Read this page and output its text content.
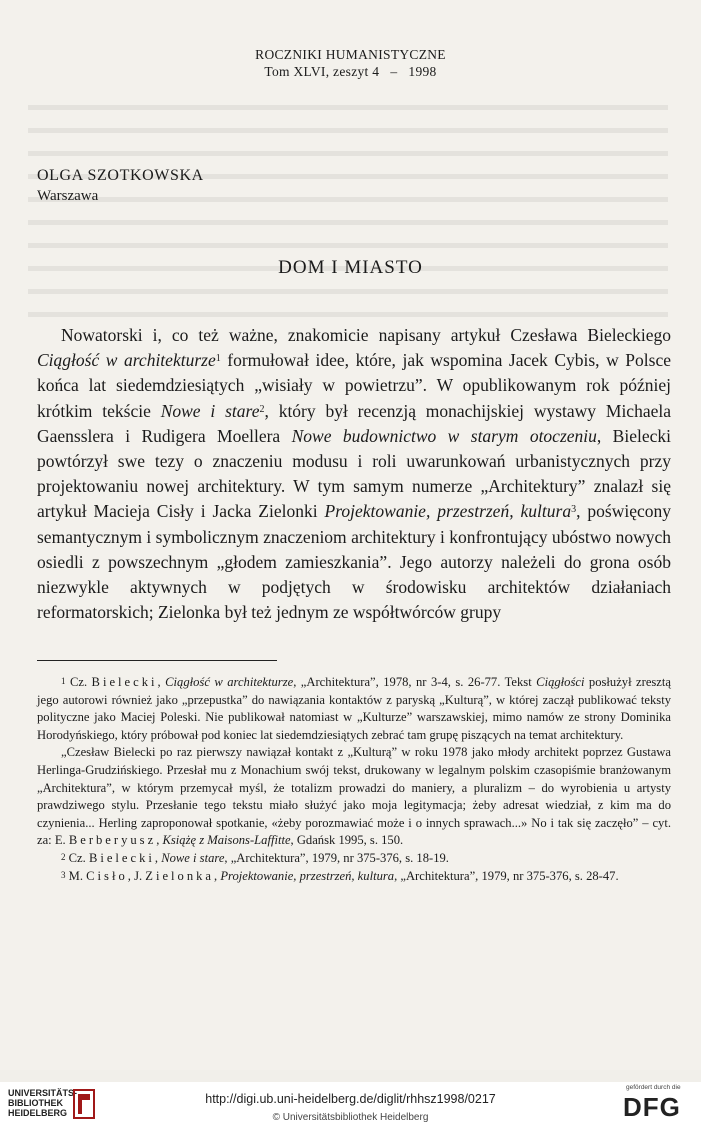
ROCZNIKI HUMANISTYCZNE
Tom XLVI, zeszyt 4   –   1998
OLGA SZOTKOWSKA
Warszawa
DOM I MIASTO

Nowatorski i, co też ważne, znakomicie napisany artykuł Czesława Bieleckiego Ciągłość w architekturze$^1$ formułował idee, które, jak wspomina Jacek Cybis, w Polsce końca lat siedemdziesiątych „wisiały w powietrzu”. W opublikowanym rok później krótkim tekście Nowe i stare$^2$, który był recenzją monachijskiej wystawy Michaela Gaensslera i Rudigera Moellera Nowe budownictwo w starym otoczeniu, Bielecki powtórzył swe tezy o znaczeniu modusu i roli uwarunkowań urbanistycznych przy projektowaniu nowej architektury. W tym samym numerze „Architektury” znalazł się artykuł Macieja Cisły i Jacka Zielonki Projektowanie, przestrzeń, kultura$^3$, poświęcony semantycznym i symbolicznym znaczeniom architektury i konfrontujący ubóstwo nowych osiedli z powszechnym „głodem zamieszkania”. Jego autorzy należeli do grona osób niezwykle aktywnych w podjętych w środowisku architektów działaniach reformatorskich; Zielonka był też jednym ze współtwórców grupy

$^1$ Cz. Bielecki, Ciągłość w architekturze, „Architektura”, 1978, nr 3-4, s. 26-77. Tekst Ciągłości posłużył zresztą jego autorowi również jako „przepustka” do nawiązania kontaktów z paryską „Kulturą”, w której zaczął publikować teksty polityczne jako Maciej Poleski. Nie publikował natomiast w „Kulturze” warszawskiej, mimo namów ze strony Dominika Horodyńskiego, który próbował pod koniec lat siedemdziesiątych zebrać tam grupę piszących na temat architektury.

„Czesław Bielecki po raz pierwszy nawiązał kontakt z „Kulturą” w roku 1978 jako młody architekt poprzez Gustawa Herlinga-Grudzińskiego. Przesłał mu z Monachium swój tekst, drukowany w legalnym polskim czasopiśmie branżowanym „Architektura”, w którym przemycał myśl, że totalizm prowadzi do maniery, a pluralizm – do wyrobienia u artysty prawdziwego stylu. Przesłanie tego tekstu miało służyć jako moja legitymacja; żeby adresat wiedział, z kim ma do czynienia... Herling zaproponował spotkanie, «żeby porozmawiać może i o innych sprawach...» No i tak się zaczęło” – cyt. za: E. Berberyusz, Książę z Maisons-Laffitte, Gdańsk 1995, s. 150.

$^2$ Cz. Bielecki, Nowe i stare, „Architektura”, 1979, nr 375-376, s. 18-19.

$^3$ M. Cisło, J. Zielonka, Projektowanie, przestrzeń, kultura, „Architektura”, 1979, nr 375-376, s. 28-47.

UNIVERSITÄTS-
BIBLIOTHEK
HEIDELBERG
http://digi.ub.uni-heidelberg.de/diglit/rhhsz1998/0217
© Universitätsbibliothek Heidelberg
gefördert durch die
DFG
